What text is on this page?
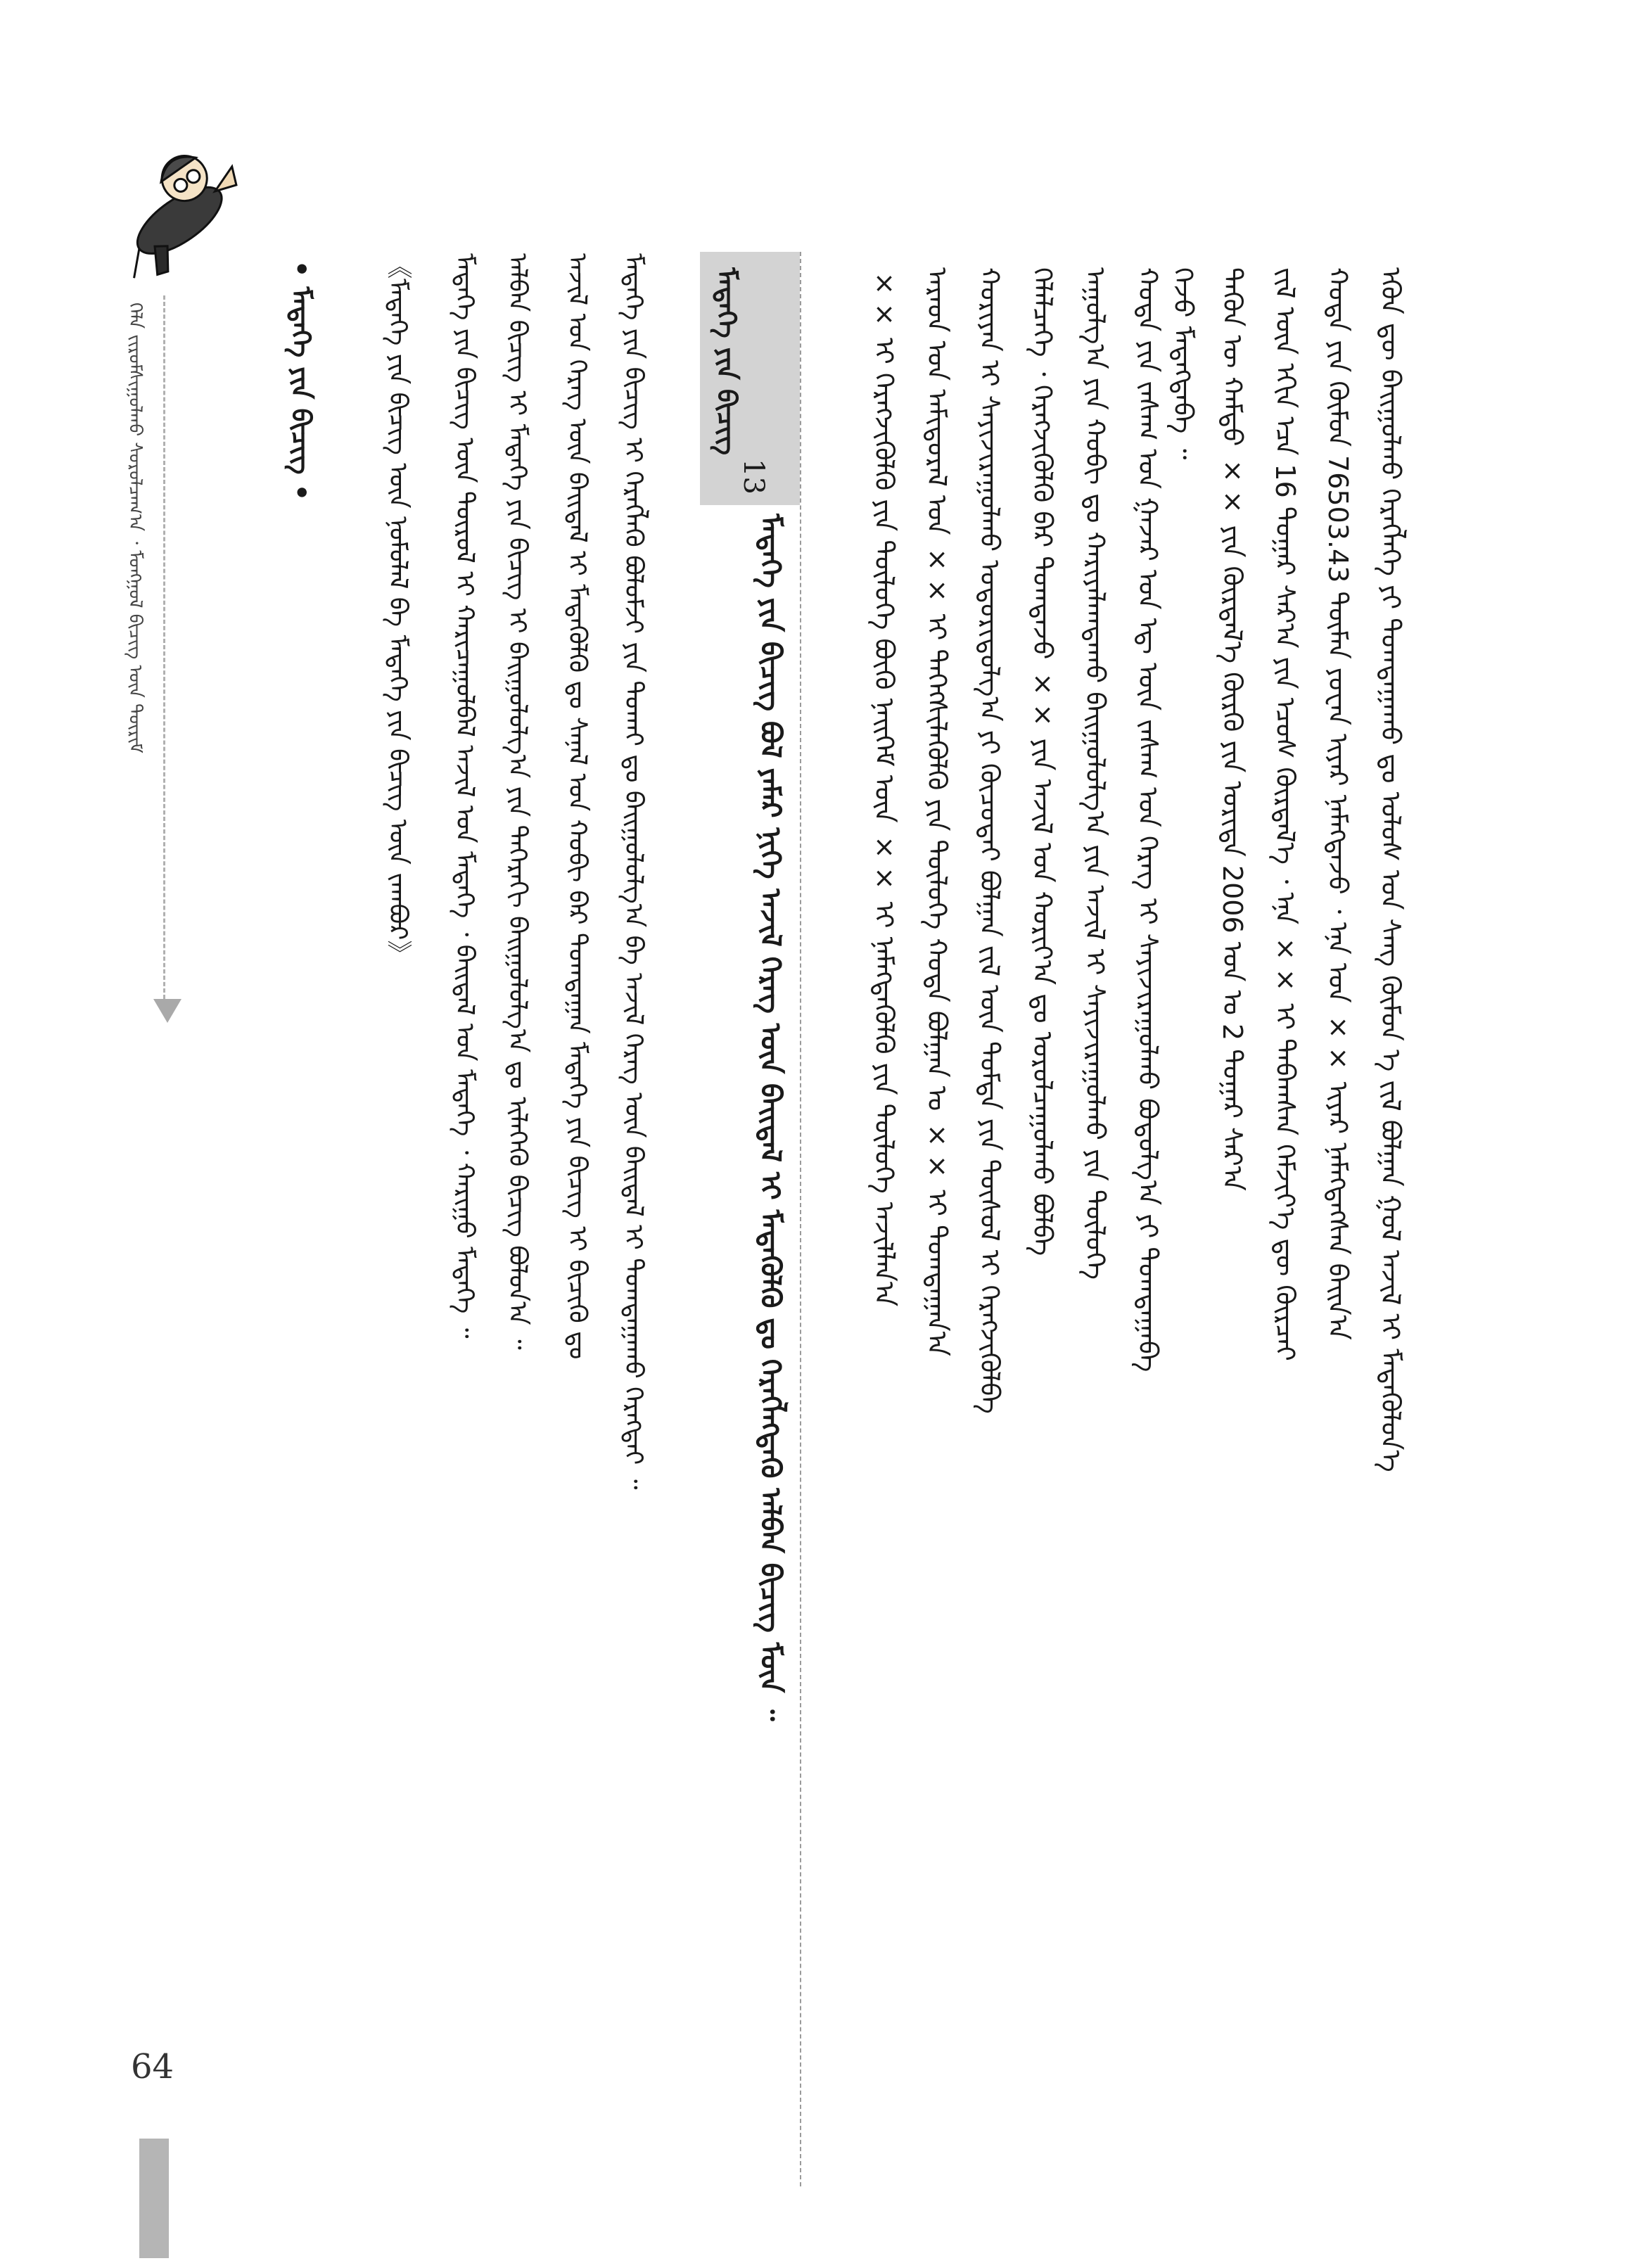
ᠬᠡᠯᠡ ᠵᠢᠷᠤᠮᠰᠢᠭᠤᠯᠬᠤ ᠰᠤᠷᠤᠯᠴᠠᠭ᠎ᠠ ᠂ ᠮᠣᠩᠭᠣᠯ ᠪᠢᠴᠢᠭ ᠦᠨ ᠳᠦᠷᠢᠮ	• ᠮᠡᠳᠡᠭᠡ ᠶᠢᠨ ᠪᠢᠴᠢᠭ •	《ᠮᠡᠳᠡᠭᠡ ᠶᠢᠨ ᠪᠢᠴᠢᠭ ᠦᠨ ᠨᠣᠮᠣᠯᠠᠯ ᠪᠠ ᠮᠡᠳᠡᠭᠡ ᠶᠢᠨ ᠪᠢᠴᠢᠭ ᠦᠨ ᠵᠠᠭᠪᠤᠷ》 ᠮᠡᠳᠡᠭᠡ ᠶᠢᠨ ᠪᠢᠴᠢᠭ ᠦᠨ ᠲᠥᠷᠥᠯ ᠢ ᠬᠠᠷᠢᠴᠠᠭᠤᠯᠪᠠᠯ ᠠᠵᠢᠯ ᠤᠨ ᠮᠡᠳᠡᠭᠡ ᠂ ᠪᠠᠢᠳᠠᠯ ᠤᠨ ᠮᠡᠳᠡᠭᠡ ᠂ ᠬᠠᠷᠢᠭᠤ ᠮᠡᠳᠡᠭᠡ ᠃ ᠠᠯᠪᠠᠨ ᠪᠢᠴᠢᠭ ᠢ ᠮᠡᠳᠡᠭᠡ ᠶᠢᠨ ᠪᠢᠴᠢᠭ ᠢ ᠪᠠᠢᠭᠤᠯᠤᠯᠭ᠎ᠠ ᠶᠢᠨ ᠳᠡᠭᠡᠷᠡᠬᠢ ᠪᠠᠢᠭᠤᠯᠤᠯᠭ᠎ᠠ ᠳᠤ ᠢᠯᠡᠭᠡᠬᠦ ᠪᠢᠴᠢᠭ ᠪᠣᠯᠤᠨ᠎ᠠ ᠃ ᠠᠵᠢᠯ ᠤᠨ ᠬᠡᠷᠡᠭ ᠦᠨ ᠪᠠᠢᠳᠠᠯ ᠢ ᠮᠡᠳᠡᠭᠦᠯᠬᠦ ᠳᠤ ᠰᠠᠨᠠᠯ ᠤᠨ ᠬᠤᠪᠢ ᠪᠡᠷ ᠲᠣᠭᠲᠠᠭᠠᠨ ᠮᠡᠳᠡᠭᠡ ᠶᠢᠨ ᠪᠢᠴᠢᠭ ᠢ ᠪᠢᠴᠢᠬᠦ ᠳᠤ ᠮᠡᠳᠡᠭᠡ ᠶᠢᠨ ᠪᠢᠴᠢᠭ ᠢ ᠬᠡᠷᠡᠭᠯᠡᠬᠦ ᠪᠣᠯᠤᠮᠵᠢ ᠶᠢᠨ ᠲᠤᠬᠠᠢ ᠳᠤ ᠪᠠᠢᠭᠤᠯᠤᠯᠭ᠎ᠠ ᠪᠠ ᠠᠵᠢᠯ ᠬᠡᠷᠡᠭ ᠦᠨ ᠪᠠᠢᠳᠠᠯ ᠢ ᠲᠣᠭᠲᠠᠭᠠᠬᠤ ᠬᠡᠷᠡᠭᠲᠡᠢ ᠃ ᠮᠡᠳᠡᠭᠡ ᠶᠢᠨ ᠪᠢᠴᠢᠭ
13
ᠮᠡᠳᠡᠭᠡ ᠶᠢᠨ ᠪᠢᠴᠢᠭ ᠪᠣᠯ ᠶᠠᠮᠠᠷ ᠨᠢᠭᠡ ᠠᠵᠢᠯ ᠬᠡᠷᠡᠭ ᠦᠨ ᠪᠠᠢᠳᠠᠯ ᠢ ᠮᠡᠳᠡᠭᠦᠯᠬᠦ ᠳᠤ ᠬᠡᠷᠡᠭᠯᠡᠭᠳᠡᠬᠦ ᠠᠯᠪᠠᠨ ᠪᠢᠴᠢᠭ ᠮᠥᠨ ᠃	×× ᠢ ᠬᠡᠷᠡᠭᠵᠢᠭᠦᠯᠬᠦ ᠶᠢᠨ ᠲᠥᠯᠥᠭᠡ ᠪᠦᠬᠦ ᠨᠡᠢᠭᠡᠮ ᠦᠨ ×× ᠢ ᠨᠡᠮᠡᠭᠳᠡᠭᠦᠯᠬᠦ ᠶᠢᠨ ᠲᠥᠯᠥᠭᠡ ᠠᠵᠢᠯᠯᠠᠨ᠎ᠠ ᠠᠷᠠᠳ ᠤᠨ ᠠᠮᠢᠳᠤᠷᠠᠯ ᠤᠨ ×× ᠢ ᠳᠡᠭᠡᠭᠰᠢᠯᠡᠭᠦᠯᠬᠦ ᠶᠢᠨ ᠲᠥᠯᠥᠭᠡ ᠬᠣᠲᠠ ᠪᠣᠯᠭᠠᠨ ᠤ ×× ᠢ ᠲᠣᠭᠲᠠᠭᠠᠨ᠎ᠠ ᠬᠣᠷᠢᠶᠠᠨ ᠢ ᠰᠠᠶᠢᠵᠢᠷᠠᠭᠤᠯᠬᠤ ᠤᠳᠤᠷᠢᠳᠤᠯᠭ᠎ᠠ ᠶᠢ ᠬᠦᠴᠦᠲᠡᠢ ᠪᠣᠯᠭᠠᠨ ᠵᠢᠯ ᠦᠨ ᠳᠤᠮᠳᠠ ᠶᠢᠨ ᠲᠥᠰᠦᠯ ᠢ ᠬᠡᠷᠡᠭᠵᠢᠭᠦᠯᠪᠡ ᠬᠡᠯᠡᠯᠴᠡᠭᠡ ᠂ ᠬᠡᠷᠡᠭᠵᠢᠭᠦᠯᠬᠦ ᠪᠠᠷ ᠲᠣᠭᠲᠠᠵᠤ ×× ᠶᠢᠨ ᠠᠵᠢᠯ ᠤᠨ ᠬᠣᠷᠢᠶ᠎ᠠ ᠳᠤ ᠣᠷᠤᠯᠴᠠᠭᠤᠯᠬᠤ ᠪᠣᠯᠪᠠ ᠠᠭᠤᠯᠭ᠎ᠠ ᠶᠢᠨ ᠬᠤᠪᠢ ᠳᠤ ᠬᠠᠷᠢᠶᠠᠯᠠᠭᠳᠠᠬᠤ ᠪᠠᠢᠭᠤᠯᠤᠯᠭ᠎ᠠ ᠶᠢᠨ ᠠᠵᠢᠯ ᠢ ᠰᠠᠶᠢᠵᠢᠷᠠᠭᠤᠯᠬᠤ ᠶᠢᠨ ᠲᠥᠯᠥᠭᠡ ᠬᠣᠲᠠ ᠶᠢᠨ ᠵᠠᠰᠠᠭ ᠤᠨ ᠭᠠᠵᠠᠷ ᠤᠨ ᠡᠳ᠋ ᠦᠨ ᠵᠠᠰᠠᠭ ᠤᠨ ᠬᠡᠷᠡᠭ ᠢ ᠰᠠᠶᠢᠵᠢᠷᠠᠭᠤᠯᠬᠤ ᠪᠣᠳᠤᠯᠭ᠎ᠠ ᠶᠢ ᠲᠣᠭᠲᠠᠭᠠᠪᠠ ᠭᠡᠵᠦ ᠮᠡᠳᠡᠭᠳᠡᠪᠡ ᠃ ᠲᠡᠭᠦᠨ ᠦ ᠬᠠᠮᠲᠤ ×× ᠶᠢᠨ ᠬᠦᠷᠲᠡᠯ᠎ᠡ ᠬᠦᠷᠬᠦ ᠶᠢᠨ ᠤᠷᠢᠳᠠ 2006 ᠣᠨ ᠤ 2 ᠳᠤᠭᠠᠷ ᠰᠠᠷ᠎ᠠ ᠵᠢᠯ ᠦᠨ ᠡᠬᠢᠨ ᠡᠴᠡ 16 ᠳᠤᠭᠠᠷ ᠰᠠᠷ᠎ᠠ ᠶᠢᠨ ᠡᠴᠦᠰ ᠬᠦᠷᠲᠡᠯ᠎ᠡ ᠂ ᠡᠨᠡ ×× ᠢ ᠳᠠᠪᠠᠭᠰᠠᠨ ᠬᠡᠮᠵᠢᠶ᠎ᠡ ᠳᠦ ᠬᠦᠷᠴᠡᠢ ᠬᠣᠲᠠ ᠶᠢᠨ ᠬᠦᠮᠦᠨ 76503.43 ᠲᠦᠮᠡᠨ ᠶᠤᠸᠠᠨ ᠢᠶᠠᠷ ᠨᠡᠮᠡᠭᠳᠡᠵᠦ ᠂ ᠡᠨᠡ ᠣᠨ ×× ᠢᠶᠠᠷ ᠨᠡᠮᠡᠭᠳᠡᠭᠰᠡᠨ ᠪᠠᠢᠨ᠎ᠠ ᠡᠭᠦᠨ ᠳᠦ ᠪᠠᠢᠭᠤᠯᠬᠤ ᠬᠡᠷᠡᠭᠯᠡᠭᠡ ᠶᠢ ᠲᠣᠭᠲᠠᠭᠠᠬᠤ ᠳᠤ ᠤᠯᠤᠰ ᠤᠨ ᠰᠠᠩ ᠬᠥᠮᠦᠨ ᠡ ᠵᠢᠯ ᠪᠣᠯᠭᠠᠨ ᠭᠣᠯ ᠠᠵᠢᠯ ᠢ ᠮᠡᠳᠡᠭᠦᠯᠦᠨ᠎ᠡ
64
